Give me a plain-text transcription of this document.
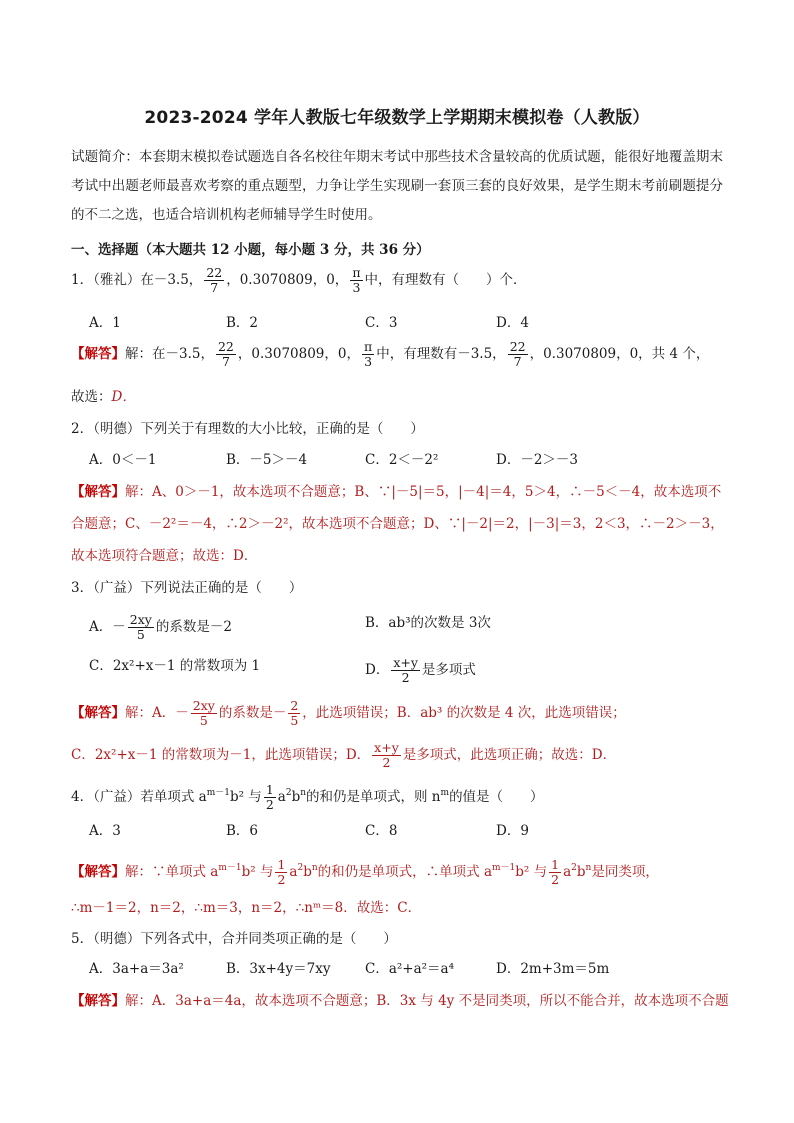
2023-2024 学年人教版七年级数学上学期期末模拟卷（人教版）
试题简介：本套期末模拟卷试题选自各名校往年期末考试中那些技术含量较高的优质试题，能很好地覆盖期末考试中出题老师最喜欢考察的重点题型，力争让学生实现刷一套顶三套的良好效果，是学生期末考前刷题提分的不二之选，也适合培训机构老师辅导学生时使用。
一、选择题（本大题共 12 小题，每小题 3 分，共 36 分）
1．（雅礼）在－3.5， $\frac{22}{7}$ ，0.3070809，0， $\frac{\pi}{3}$ 中，有理数有（　　）个．
A．1	B．2	C．3	D．4
【解答】解：在－3.5， $\frac{22}{7}$ ，0.3070809，0， $\frac{\pi}{3}$ 中，有理数有－3.5， $\frac{22}{7}$ ，0.3070809，0，共 4 个，
故选：D．
2．（明德）下列关于有理数的大小比较，正确的是（　　）
A．0＜－1	B．－5＞－4	C．2＜－2²	D．－2＞－3
【解答】解：A、0＞－1，故本选项不合题意；B、∵|－5|＝5，|－4|＝4，5＞4，∴－5＜－4，故本选项不
合题意；C、－2²＝－4，∴2＞－2²，故本选项不合题意；D、∵|－2|＝2，|－3|＝3，2＜3，∴－2＞－3，
故本选项符合题意；故选：D．
3．（广益）下列说法正确的是（　　）
A．－ $\frac{2xy}{5}$ 的系数是－2	B．ab³的次数是 3次
C．2x²+x－1 的常数项为 1	D． $\frac{x+y}{2}$ 是多项式
【解答】解：A．－ $\frac{2xy}{5}$ 的系数是－ $\frac{2}{5}$ ，此选项错误；B．ab³ 的次数是 4 次，此选项错误；
C．2x²+x－1 的常数项为－1，此选项错误；D． $\frac{x+y}{2}$ 是多项式，此选项正确；故选：D．
4．（广益）若单项式 $a^{m-1}b^2$ 与 $\frac{1}{2} a^2b^n$的和仍是单项式，则 $n^m$的值是（　　）
A．3	B．6	C．8	D．9
【解答】解：∵单项式 $a^{m-1}b^2$ 与 $\frac{1}{2} a^2b^n$的和仍是单项式，∴单项式 $a^{m-1}b^2$ 与 $\frac{1}{2} a^2b^n$是同类项，
∴m－1＝2，n＝2，∴m＝3，n＝2，∴nᵐ＝8．故选：C．
5．（明德）下列各式中，合并同类项正确的是（　　）
A．3a+a＝3a²	B．3x+4y＝7xy	C．a²+a²＝a⁴	D．2m+3m＝5m
【解答】解：A．3a+a＝4a，故本选项不合题意；B．3x 与 4y 不是同类项，所以不能合并，故本选项不合题
